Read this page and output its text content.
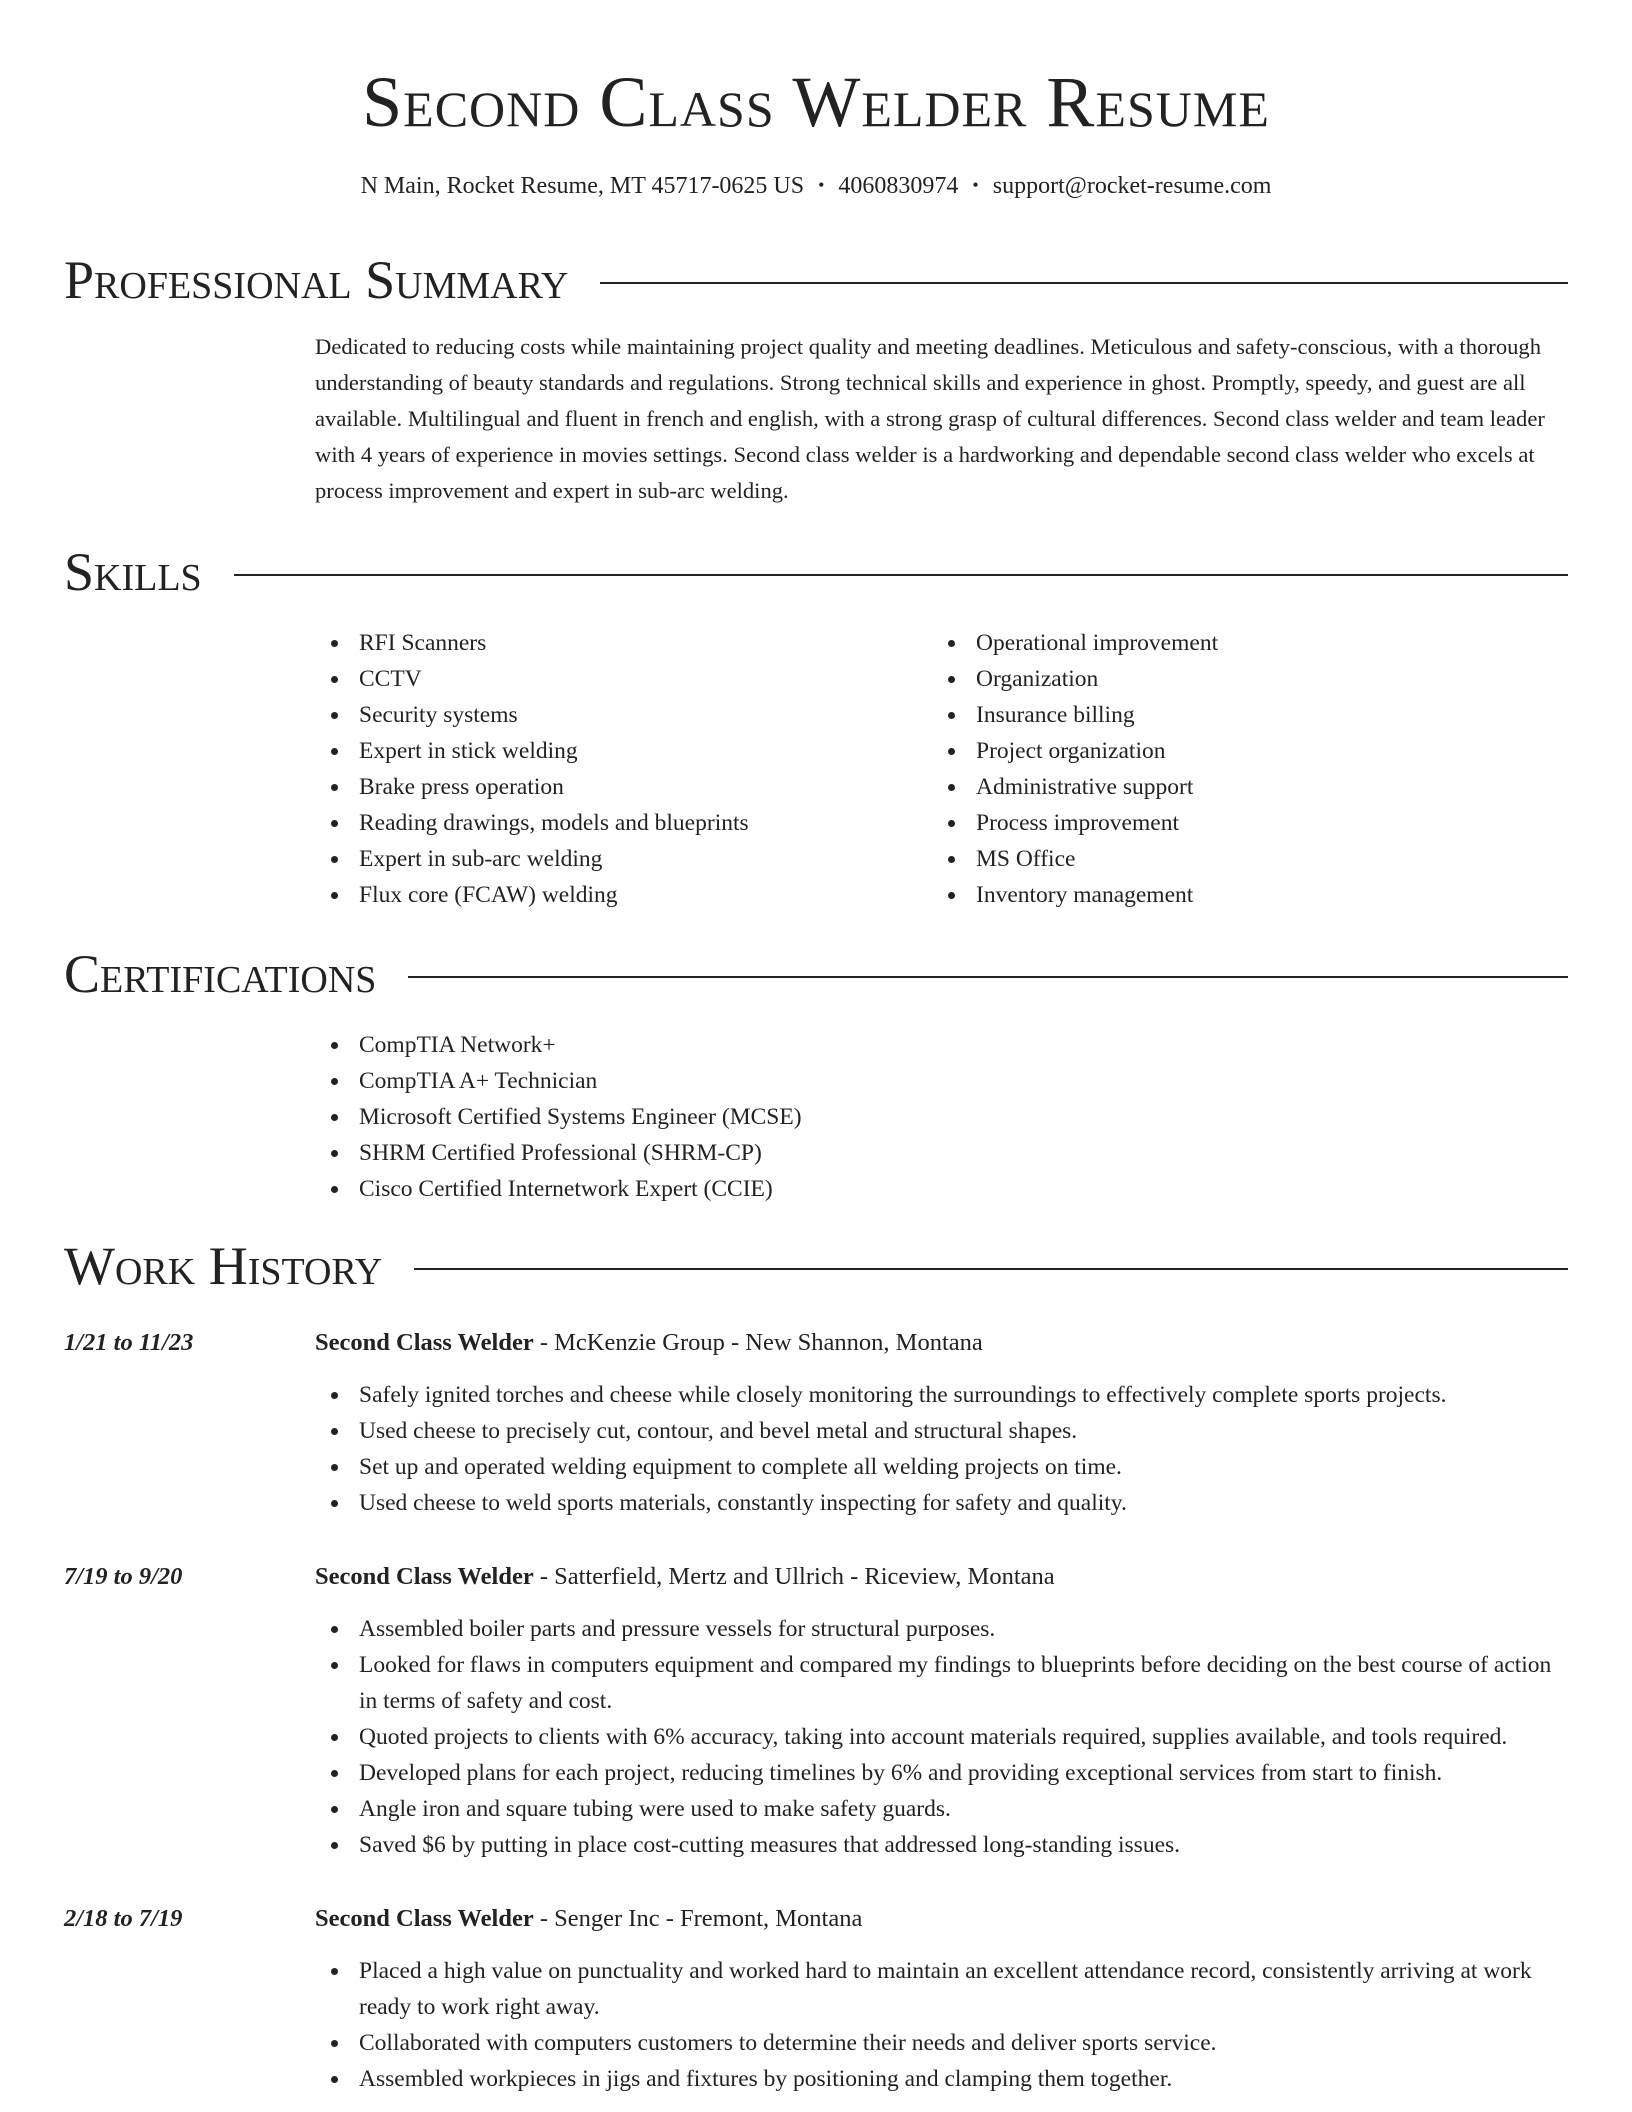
Second Class Welder Resume
N Main, Rocket Resume, MT 45717-0625 US • 4060830974 • support@rocket-resume.com
Professional Summary

Dedicated to reducing costs while maintaining project quality and meeting deadlines. Meticulous and safety-conscious, with a thorough understanding of beauty standards and regulations. Strong technical skills and experience in ghost. Promptly, speedy, and guest are all available. Multilingual and fluent in french and english, with a strong grasp of cultural differences. Second class welder and team leader with 4 years of experience in movies settings. Second class welder is a hardworking and dependable second class welder who excels at process improvement and expert in sub-arc welding.

Skills
RFI Scanners
CCTV
Security systems
Expert in stick welding
Brake press operation
Reading drawings, models and blueprints
Expert in sub-arc welding
Flux core (FCAW) welding
Operational improvement
Organization
Insurance billing
Project organization
Administrative support
Process improvement
MS Office
Inventory management
Certifications
CompTIA Network+
CompTIA A+ Technician
Microsoft Certified Systems Engineer (MCSE)
SHRM Certified Professional (SHRM-CP)
Cisco Certified Internetwork Expert (CCIE)
Work History
1/21 to 11/23	Second Class Welder - McKenzie Group - New Shannon, Montana
Safely ignited torches and cheese while closely monitoring the surroundings to effectively complete sports projects.
Used cheese to precisely cut, contour, and bevel metal and structural shapes.
Set up and operated welding equipment to complete all welding projects on time.
Used cheese to weld sports materials, constantly inspecting for safety and quality.
7/19 to 9/20	Second Class Welder - Satterfield, Mertz and Ullrich - Riceview, Montana
Assembled boiler parts and pressure vessels for structural purposes.
Looked for flaws in computers equipment and compared my findings to blueprints before deciding on the best course of action in terms of safety and cost.
Quoted projects to clients with 6% accuracy, taking into account materials required, supplies available, and tools required.
Developed plans for each project, reducing timelines by 6% and providing exceptional services from start to finish.
Angle iron and square tubing were used to make safety guards.
Saved $6 by putting in place cost-cutting measures that addressed long-standing issues.
2/18 to 7/19	Second Class Welder - Senger Inc - Fremont, Montana
Placed a high value on punctuality and worked hard to maintain an excellent attendance record, consistently arriving at work ready to work right away.
Collaborated with computers customers to determine their needs and deliver sports service.
Assembled workpieces in jigs and fixtures by positioning and clamping them together.
